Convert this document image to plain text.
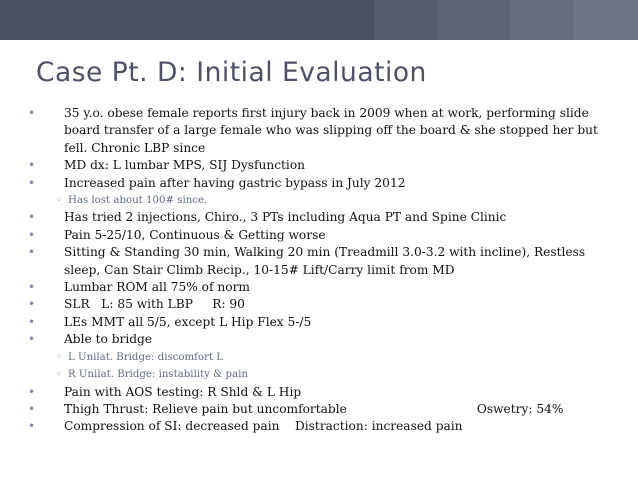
Case Pt. D: Initial Evaluation
• 35 y.o. obese female reports first injury back in 2009 when at work, performing slide
board transfer of a large female who was slipping off the board & she stopped her but
fell. Chronic LBP since
• MD dx: L lumbar MPS, SIJ Dysfunction
• Increased pain after having gastric bypass in July 2012
◦ Has lost about 100# since.
• Has tried 2 injections, Chiro., 3 PTs including Aqua PT and Spine Clinic
• Pain 5-25/10, Continuous & Getting worse
• Sitting & Standing 30 min, Walking 20 min (Treadmill 3.0-3.2 with incline), Restless
sleep, Can Stair Climb Recip., 10-15# Lift/Carry limit from MD
• Lumbar ROM all 75% of norm
• SLR   L: 85 with LBP     R: 90
• LEs MMT all 5/5, except L Hip Flex 5-/5
• Able to bridge
◦ L Unilat. Bridge: discomfort L
◦ R Unilat. Bridge: instability & pain
• Pain with AOS testing: R Shld & L Hip
• Thigh Thrust: Relieve pain but uncomfortable	Oswetry: 54%
• Compression of SI: decreased pain    Distraction: increased pain
